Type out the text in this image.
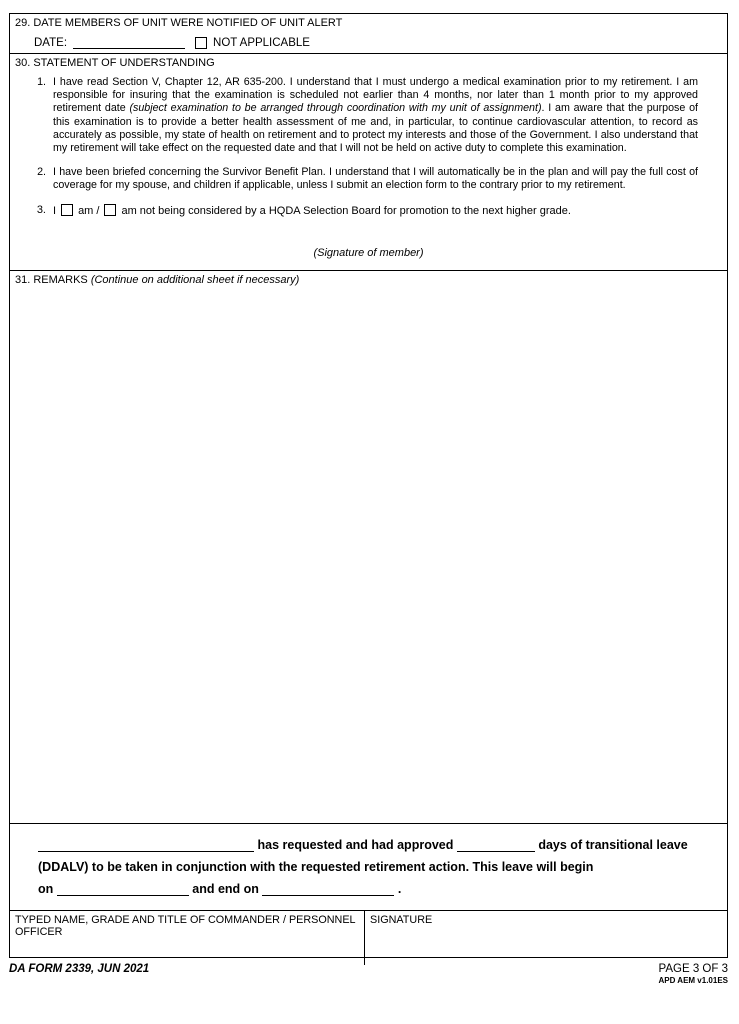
29. DATE MEMBERS OF UNIT WERE NOTIFIED OF UNIT ALERT
DATE:	NOT APPLICABLE
30. STATEMENT OF UNDERSTANDING
1. I have read Section V, Chapter 12, AR 635-200. I understand that I must undergo a medical examination prior to my retirement. I am responsible for insuring that the examination is scheduled not earlier than 4 months, nor later than 1 month prior to my approved retirement date (subject examination to be arranged through coordination with my unit of assignment). I am aware that the purpose of this examination is to provide a better health assessment of me and, in particular, to continue cardiovascular attention, to record as accurately as possible, my state of health on retirement and to protect my interests and those of the Government. I also understand that my retirement will take effect on the requested date and that I will not be held on active duty to complete this examination.
2. I have been briefed concerning the Survivor Benefit Plan. I understand that I will automatically be in the plan and will pay the full cost of coverage for my spouse, and children if applicable, unless I submit an election form to the contrary prior to my retirement.
3. I am / am not being considered by a HQDA Selection Board for promotion to the next higher grade.
(Signature of member)
31. REMARKS (Continue on additional sheet if necessary)
has requested and had approved	days of transitional leave
(DDALV) to be taken in conjunction with the requested retirement action. This leave will begin
on	and end on	.
TYPED NAME, GRADE AND TITLE OF COMMANDER / PERSONNEL OFFICER
SIGNATURE
DA FORM 2339, JUN 2021	PAGE 3 OF 3
APD AEM v1.01ES
